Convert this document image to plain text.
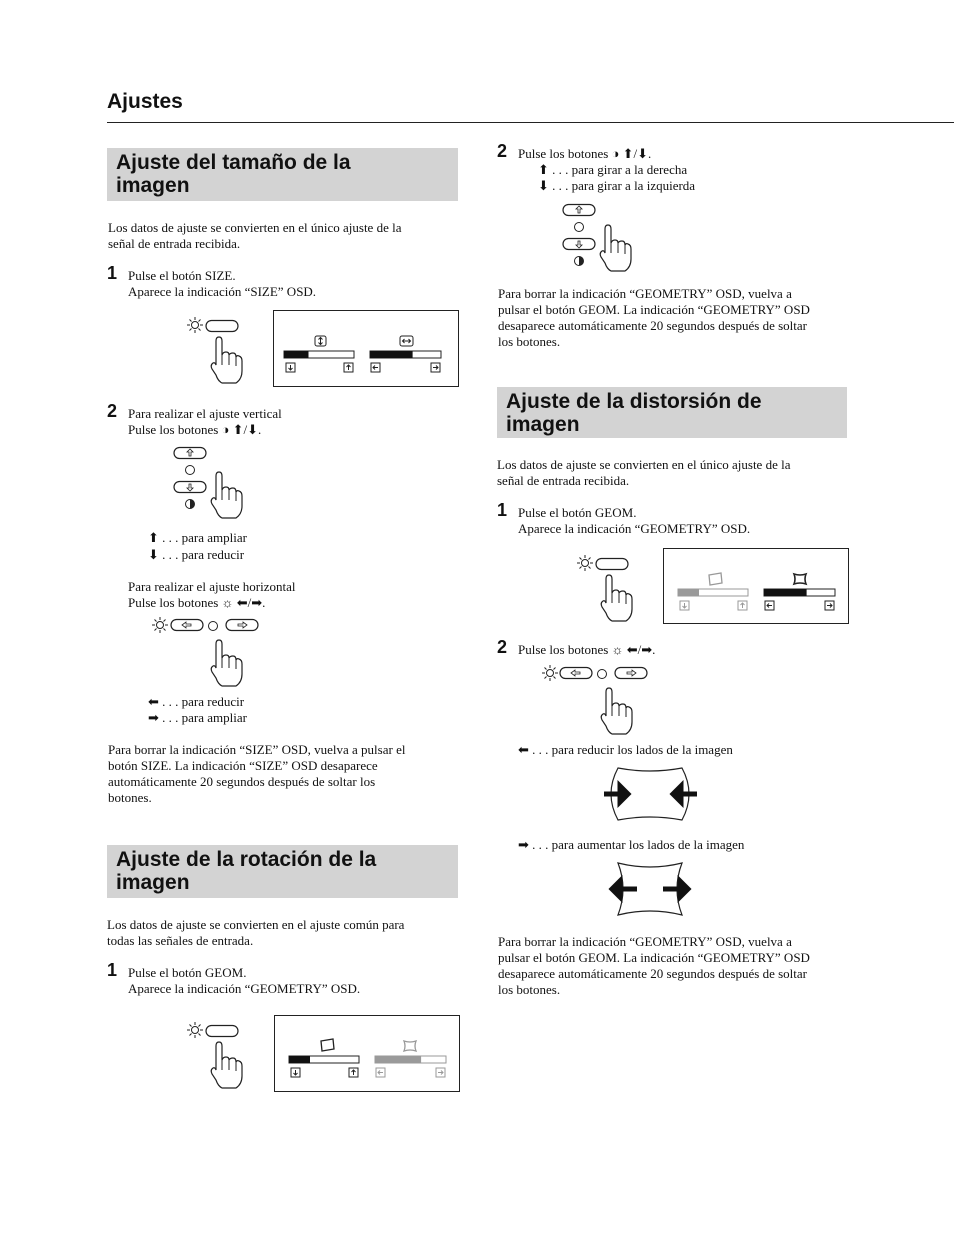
Ajustes
Ajuste del tamaño de la
imagen
Los datos de ajuste se convierten en el único ajuste de la
señal de entrada recibida.
1 Pulse el botón SIZE.
Aparece la indicación “SIZE” OSD.
2 Para realizar el ajuste vertical
Pulse los botones ◑ ⬆/⬇.
⬆ . . . para ampliar
⬇ . . . para reducir
Para realizar el ajuste horizontal
Pulse los botones ☼ ⬅/➡.
⬅ . . . para reducir
➡ . . . para ampliar
Para borrar la indicación “SIZE” OSD, vuelva a pulsar el
botón SIZE. La indicación “SIZE” OSD desaparece
automáticamente 20 segundos después de soltar los
botones.
Ajuste de la rotación de la
imagen
Los datos de ajuste se convierten en el ajuste común para
todas las señales de entrada.
1 Pulse el botón GEOM.
Aparece la indicación “GEOMETRY” OSD.
2 Pulse los botones ◑ ⬆/⬇.
⬆ . . . para girar a la derecha
⬇ . . . para girar a la izquierda
Para borrar la indicación “GEOMETRY” OSD, vuelva a
pulsar el botón GEOM. La indicación “GEOMETRY” OSD
desaparece automáticamente 20 segundos después de soltar
los botones.
Ajuste de la distorsión de
imagen
Los datos de ajuste se convierten en el único ajuste de la
señal de entrada recibida.
1 Pulse el botón GEOM.
Aparece la indicación “GEOMETRY” OSD.
2 Pulse los botones ☼ ⬅/➡.
⬅ . . . para reducir los lados de la imagen
➡ . . . para aumentar los lados de la imagen
Para borrar la indicación “GEOMETRY” OSD, vuelva a
pulsar el botón GEOM. La indicación “GEOMETRY” OSD
desaparece automáticamente 20 segundos después de soltar
los botones.
